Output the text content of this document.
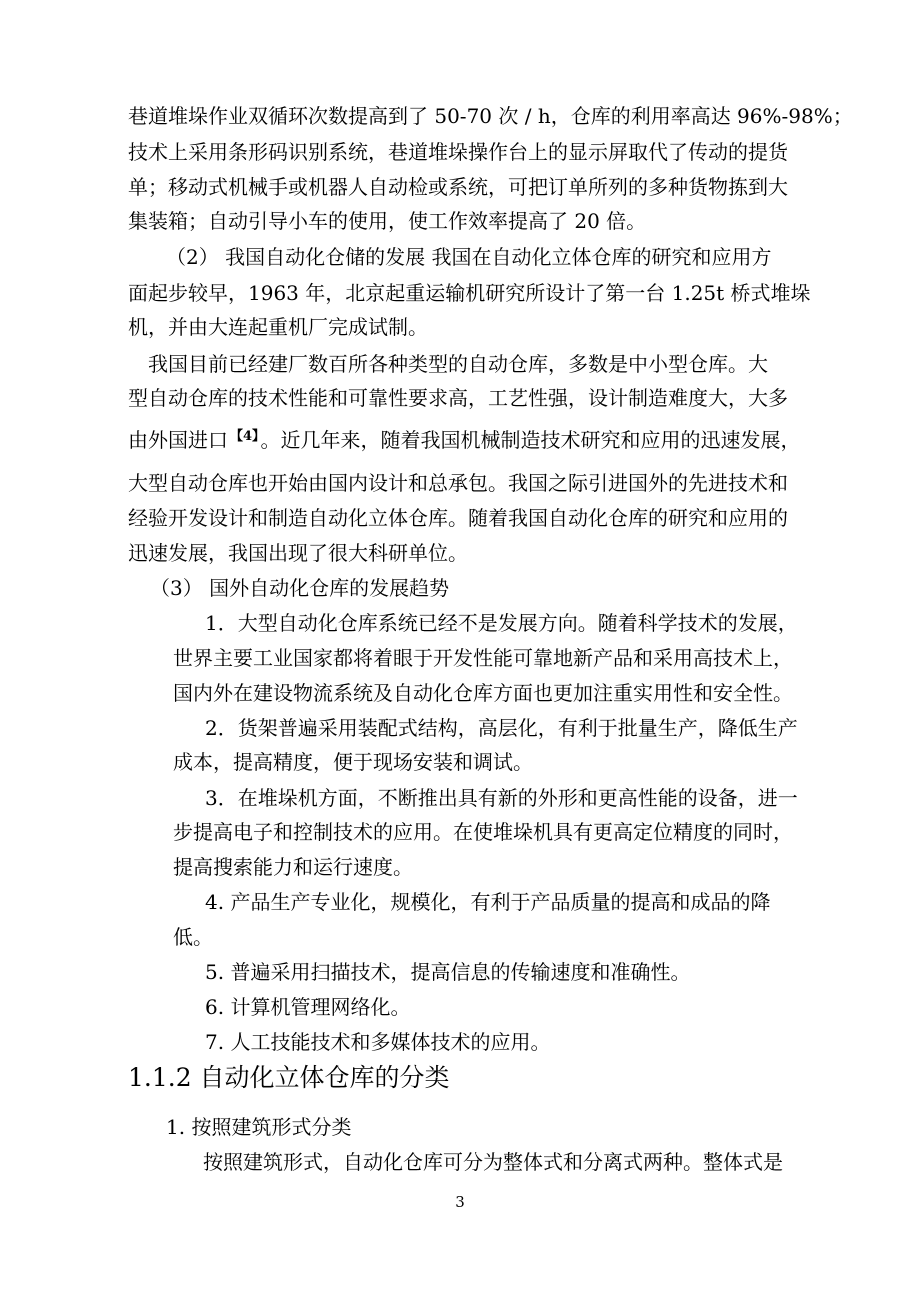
巷道堆垛作业双循环次数提高到了 50-70 次 / h，仓库的利用率高达 96%-98%；
技术上采用条形码识别系统，巷道堆垛操作台上的显示屏取代了传动的提货
单；移动式机械手或机器人自动检或系统，可把订单所列的多种货物拣到大
集装箱；自动引导小车的使用，使工作效率提高了 20 倍。
（2） 我国自动化仓储的发展 我国在自动化立体仓库的研究和应用方
面起步较早，1963 年，北京起重运输机研究所设计了第一台 1.25t 桥式堆垛
机，并由大连起重机厂完成试制。
我国目前已经建厂数百所各种类型的自动仓库，多数是中小型仓库。大
型自动仓库的技术性能和可靠性要求高，工艺性强，设计制造难度大，大多
由外国进口 $^{【4】}$ 。近几年来，随着我国机械制造技术研究和应用的迅速发展，
大型自动仓库也开始由国内设计和总承包。我国之际引进国外的先进技术和
经验开发设计和制造自动化立体仓库。随着我国自动化仓库的研究和应用的
迅速发展，我国出现了很大科研单位。
（3） 国外自动化仓库的发展趋势
1．大型自动化仓库系统已经不是发展方向。随着科学技术的发展，
世界主要工业国家都将着眼于开发性能可靠地新产品和采用高技术上，
国内外在建设物流系统及自动化仓库方面也更加注重实用性和安全性。
2．货架普遍采用装配式结构，高层化，有利于批量生产，降低生产
成本，提高精度，便于现场安装和调试。
3．在堆垛机方面，不断推出具有新的外形和更高性能的设备，进一
步提高电子和控制技术的应用。在使堆垛机具有更高定位精度的同时，
提高搜索能力和运行速度。
4. 产品生产专业化，规模化，有利于产品质量的提高和成品的降
低。
5. 普遍采用扫描技术，提高信息的传输速度和准确性。
6. 计算机管理网络化。
7. 人工技能技术和多媒体技术的应用。
1.1.2 自动化立体仓库的分类
1. 按照建筑形式分类
按照建筑形式，自动化仓库可分为整体式和分离式两种。整体式是
3
